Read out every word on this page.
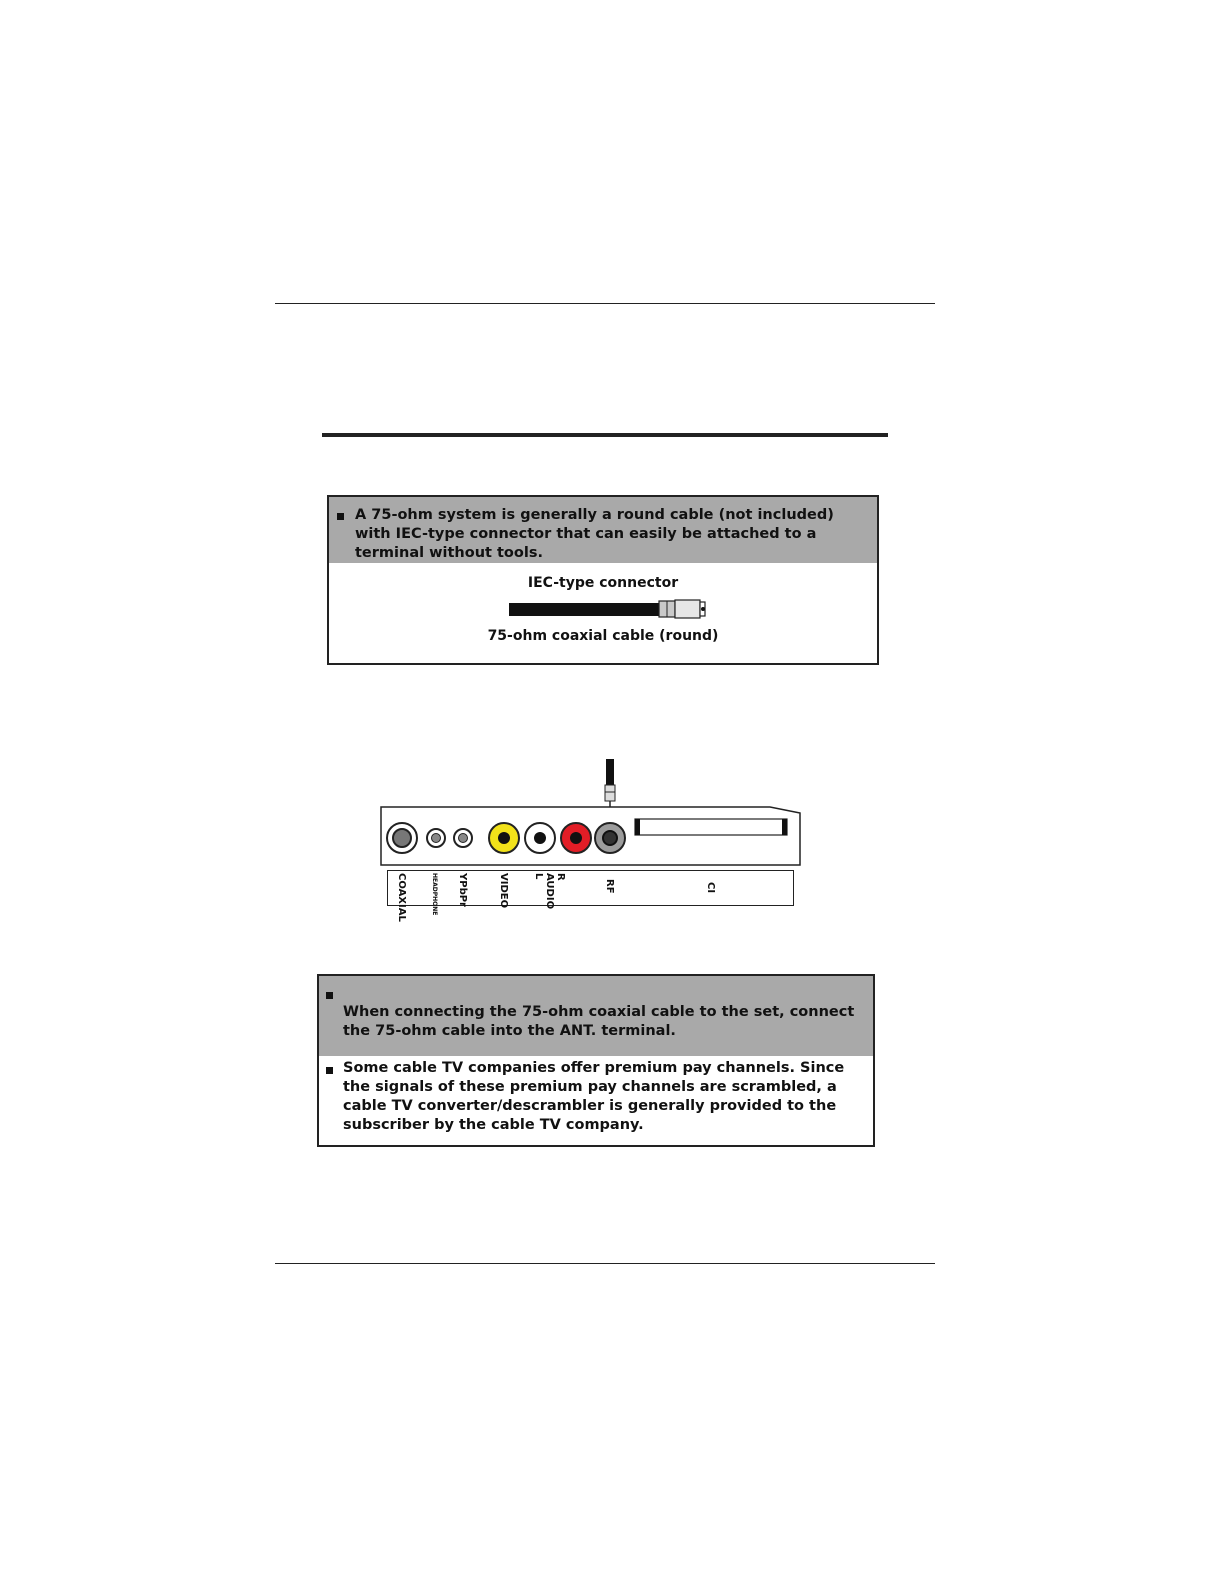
A 75-ohm system is generally a round cable (not included) with IEC-type connector that can easily be attached to a terminal without tools.
IEC-type connector
75-ohm coaxial cable (round)
COAXIAL	HEADPHONE YPbPr	VIDEO	R
AUDIO
L
RF	CI
When connecting the 75-ohm coaxial cable to the set, connect the 75-ohm cable into the ANT. terminal.
Some cable TV companies offer premium pay channels. Since the signals of these premium pay channels are scrambled, a cable TV converter/descrambler is generally provided to the subscriber by the cable TV company.
